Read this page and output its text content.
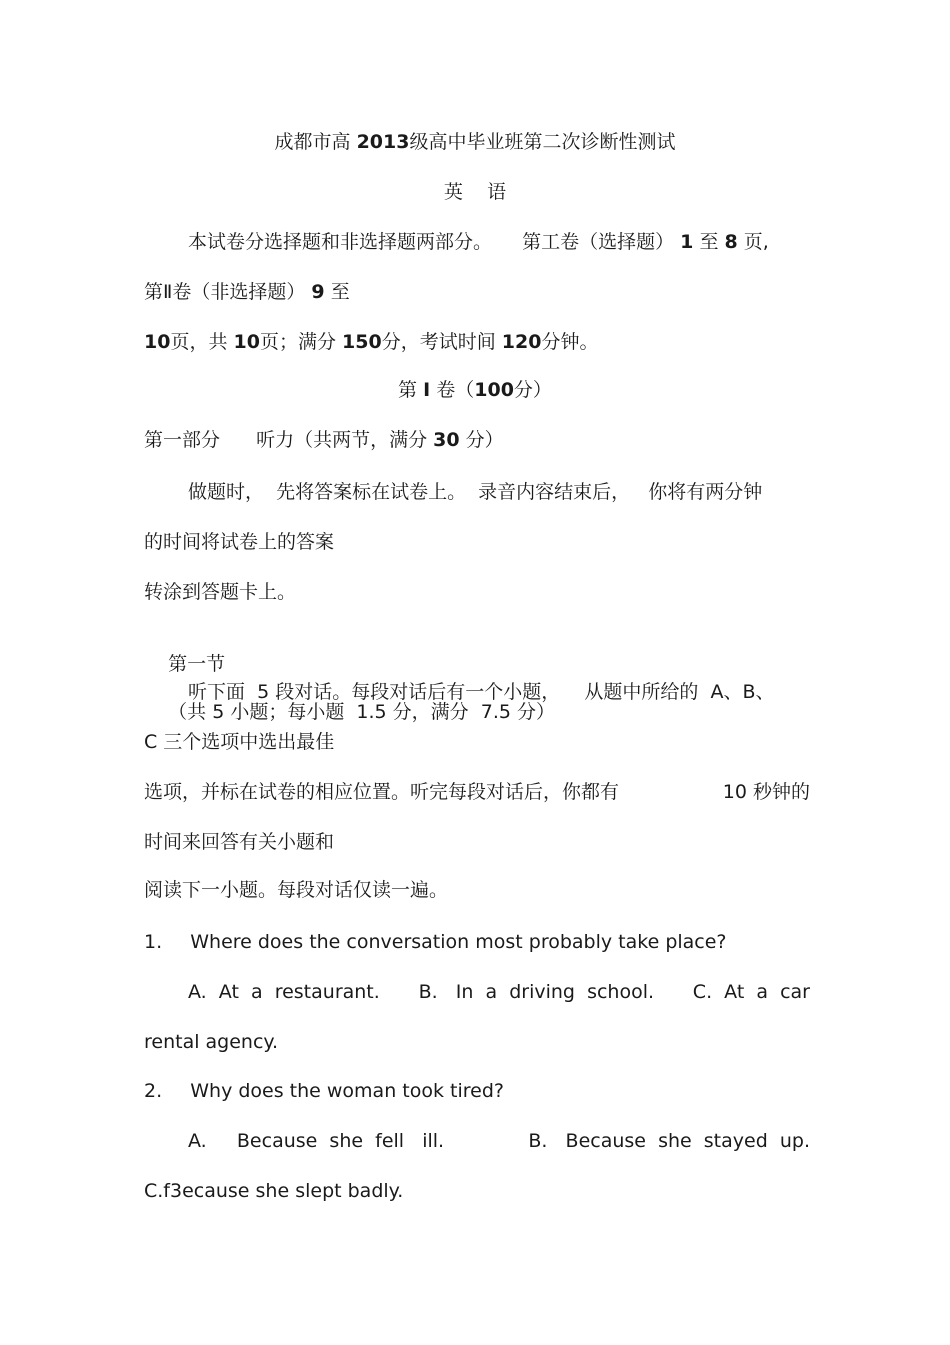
成都市高 2013级高中毕业班第二次诊断性测试
英    语
本试卷分选择题和非选择题两部分。 第工卷（选择题） 1 至 8 页,
第Ⅱ卷（非选择题） 9 至
10页，共 10页；满分 150分，考试时间 120分钟。
第 I 卷（100分）
第一部分 听力（共两节，满分 30 分）
做题时，  先将答案标在试卷上。  录音内容结束后，   你将有两分钟
的时间将试卷上的答案
转涂到答题卡上。

第一节

（共 5 小题；每小题  1.5 分，满分  7.5 分）

听下面  5 段对话。每段对话后有一个小题，    从题中所给的  A、B、
C 三个选项中选出最佳
选项，并标在试卷的相应位置。听完每段对话后，你都有	10 秒钟的
时间来回答有关小题和
阅读下一小题。每段对话仅读一遍。
1. Where does the conversation most probably take place?
A.  At  a  restaurant. B.   In  a  driving  school. C.  At  a  car
rental agency.
2. Why does the woman took tired?
A.     Because  she  fell   ill.	B.   Because  she  stayed  up.
C.f3ecause she slept badly.
